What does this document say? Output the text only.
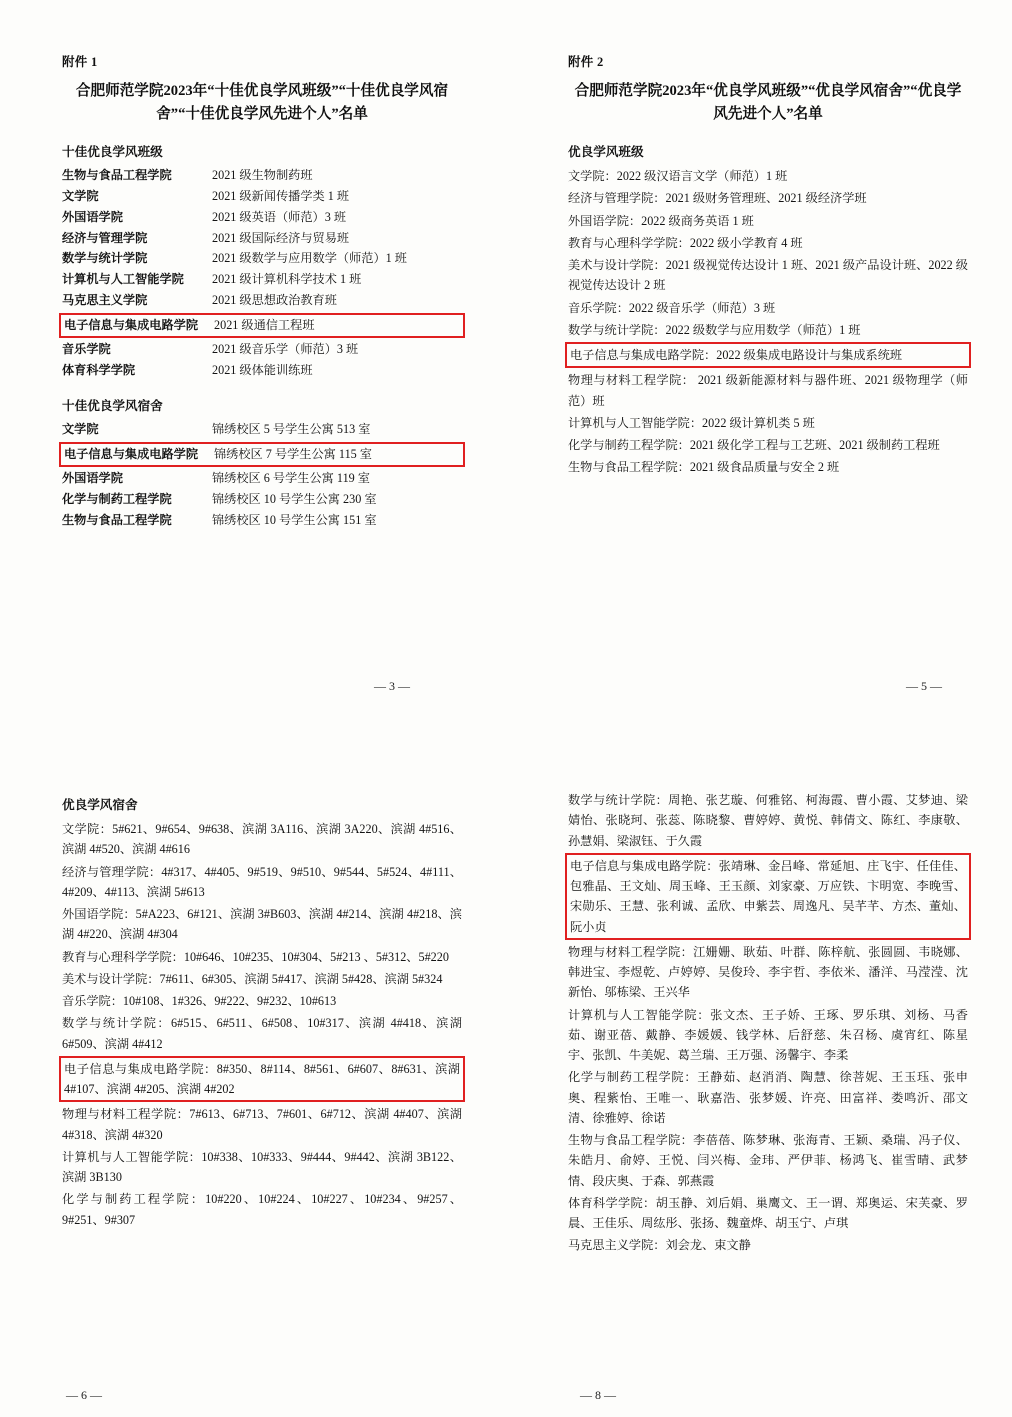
附件 1
合肥师范学院2023年“十佳优良学风班级”“十佳优良学风宿舍”“十佳优良学风先进个人”名单
十佳优良学风班级
生物与食品工程学院	2021 级生物制药班
文学院	2021 级新闻传播学类 1 班
外国语学院	2021 级英语（师范）3 班
经济与管理学院	2021 级国际经济与贸易班
数学与统计学院	2021 级数学与应用数学（师范）1 班
计算机与人工智能学院	2021 级计算机科学技术 1 班
马克思主义学院	2021 级思想政治教育班
电子信息与集成电路学院	2021 级通信工程班
音乐学院	2021 级音乐学（师范）3 班
体育科学学院	2021 级体能训练班
十佳优良学风宿舍
文学院	锦绣校区 5 号学生公寓 513 室
电子信息与集成电路学院	锦绣校区 7 号学生公寓 115 室
外国语学院	锦绣校区 6 号学生公寓 119 室
化学与制药工程学院	锦绣校区 10 号学生公寓 230 室
生物与食品工程学院	锦绣校区 10 号学生公寓 151 室
— 3 —
附件 2
合肥师范学院2023年“优良学风班级”“优良学风宿舍”“优良学风先进个人”名单
优良学风班级
文学院：2022 级汉语言文学（师范）1 班
经济与管理学院：2021 级财务管理班、2021 级经济学班
外国语学院：2022 级商务英语 1 班
教育与心理科学学院：2022 级小学教育 4 班
美术与设计学院：2021 级视觉传达设计 1 班、2021 级产品设计班、2022 级视觉传达设计 2 班
音乐学院：2022 级音乐学（师范）3 班
数学与统计学院：2022 级数学与应用数学（师范）1 班
电子信息与集成电路学院：2022 级集成电路设计与集成系统班
物理与材料工程学院： 2021 级新能源材料与器件班、2021 级物理学（师范）班
计算机与人工智能学院：2022 级计算机类 5 班
化学与制药工程学院：2021 级化学工程与工艺班、2021 级制药工程班
生物与食品工程学院：2021 级食品质量与安全 2 班
— 5 —
优良学风宿舍
文学院：5#621、9#654、9#638、滨湖 3A116、滨湖 3A220、滨湖 4#516、滨湖 4#520、滨湖 4#616
经济与管理学院：4#317、4#405、9#519、9#510、9#544、5#524、4#111、4#209、4#113、滨湖 5#613
外国语学院：5#A223、6#121、滨湖 3#B603、滨湖 4#214、滨湖 4#218、滨湖 4#220、滨湖 4#304
教育与心理科学学院：10#646、10#235、10#304、5#213 、5#312、5#220
美术与设计学院：7#611、6#305、滨湖 5#417、滨湖 5#428、滨湖 5#324
音乐学院：10#108、1#326、9#222、9#232、10#613
数学与统计学院：6#515、6#511、6#508、10#317、滨湖 4#418、滨湖 6#509、滨湖 4#412
电子信息与集成电路学院：8#350、8#114、8#561、6#607、8#631、滨湖 4#107、滨湖 4#205、滨湖 4#202
物理与材料工程学院：7#613、6#713、7#601、6#712、滨湖 4#407、滨湖 4#318、滨湖 4#320
计算机与人工智能学院：10#338、10#333、9#444、9#442、滨湖 3B122、滨湖 3B130
化学与制药工程学院：10#220、10#224、10#227、10#234、9#257、9#251、9#307
— 6 —
数学与统计学院：周艳、张艺璇、何雅铭、柯海霞、曹小霞、艾梦迪、梁婧怡、张晓珂、张蕊、陈晓黎、曹婷婷、黄悦、韩倩文、陈红、李康敬、孙慧娟、梁淑钰、于久霞
电子信息与集成电路学院：张靖琳、金吕峰、常延旭、庄飞宇、任佳佳、包雅晶、王文灿、周玉峰、王玉颜、刘家豪、万应铁、卞明宽、李晚雪、宋勋乐、王慧、张利诚、孟欣、申紫芸、周逸凡、吴芊芊、方杰、董灿、阮小贞
物理与材料工程学院：江姗姗、耿茹、叶群、陈梓航、张圆圆、韦晓娜、韩进宝、李煜乾、卢婷婷、吴俊玲、李宇哲、李依米、潘洋、马滢滢、沈新怡、邬栋梁、王兴华
计算机与人工智能学院：张文杰、王子娇、王琢、罗乐琪、刘杨、马香茹、谢亚蓓、戴静、李媛媛、钱学林、后舒慈、朱召杨、虞宵红、陈星宇、张凯、牛美妮、葛兰瑞、王万强、汤馨宇、李柔
化学与制药工程学院：王静茹、赵消消、陶慧、徐菩妮、王玉珏、张申奥、程紫怡、王唯一、耿嘉浩、张梦媛、许亮、田富祥、娄鸣沂、邵文清、徐雅婷、徐诺
生物与食品工程学院：李蓓蓓、陈梦琳、张海青、王颖、桑瑞、冯子仪、朱皓月、俞婷、王悦、闫兴梅、金玮、严伊菲、杨鸿飞、崔雪晴、武梦情、段庆奥、于森、郭燕霞
体育科学学院：胡玉静、刘后娟、巢鹰文、王一谓、郑奥运、宋芙豪、罗晨、王佳乐、周纮彤、张扬、魏童烨、胡玉宁、卢琪
马克思主义学院：刘会龙、束文静
— 8 —
